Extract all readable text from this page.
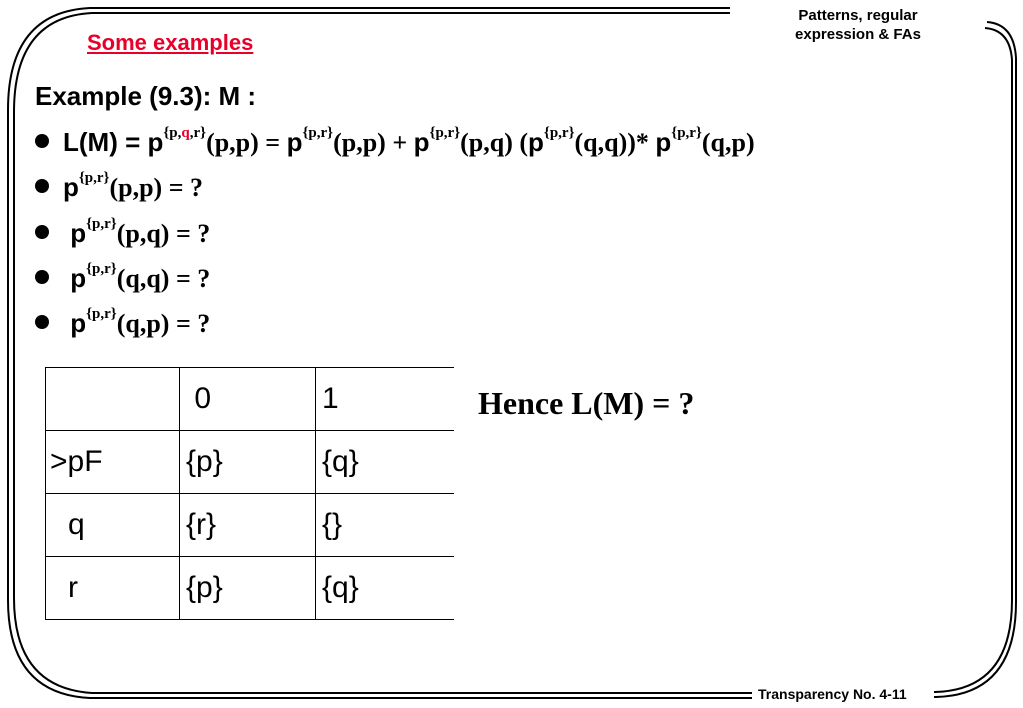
Patterns, regular
expression & FAs
Some examples
Example (9.3): M :
$L(M) = p^{\{p,q,r\}}(p,p) = p^{\{p,r\}}(p,p) + p^{\{p,r\}}(p,q)$ $(p^{\{p,r\}}(q,q))*$ $p^{\{p,r\}}(q,p)$
$p^{\{p,r\}}(p,p)$ = ?
$p^{\{p,r\}}(p,q)$ = ?
$p^{\{p,r\}}(q,q)$ = ?
$p^{\{p,r\}}(q,p)$ = ?

	0	1

>pF	{p}	{q}

q	{r}	{}

r	{p}	{q}
Hence L(M) = ?
Transparency No. 4-11
